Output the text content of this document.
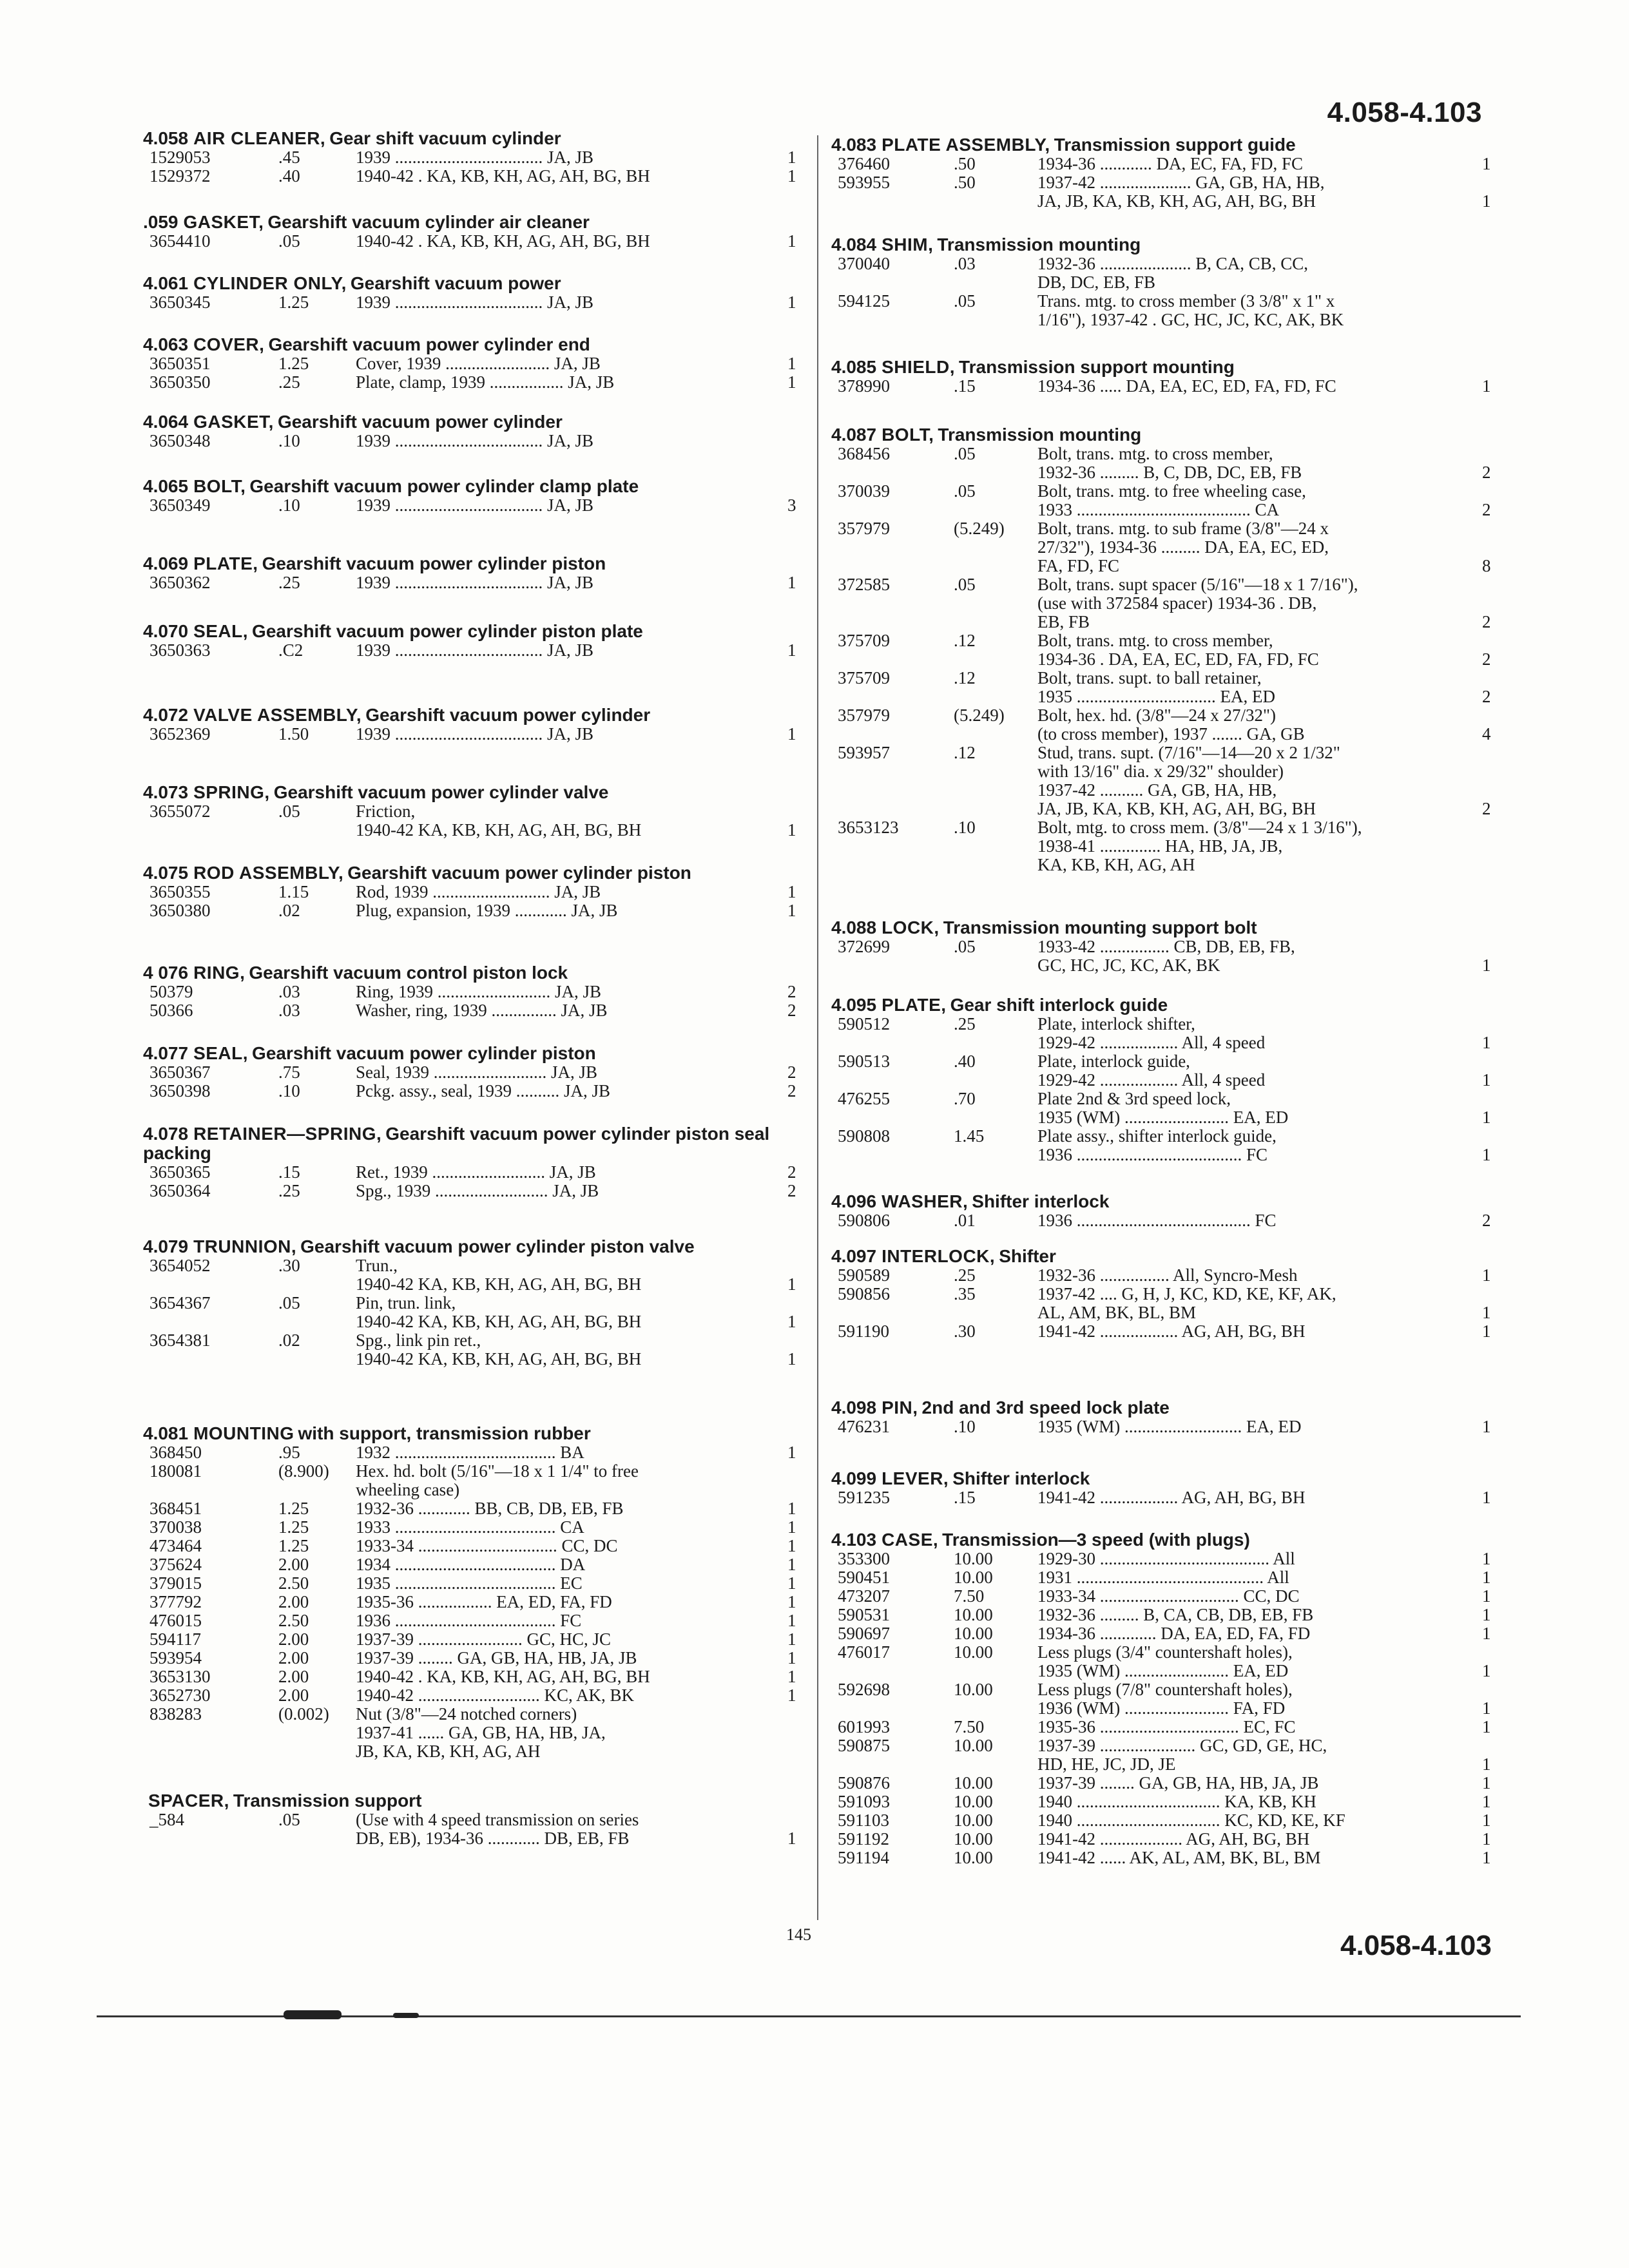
4.058-4.103
4.058 AIR CLEANER, Gear shift vacuum cylinder
1529053	.45	1939 .................................. JA, JB	1
1529372	.40	1940-42 . KA, KB, KH, AG, AH, BG, BH	1
.059 GASKET, Gearshift vacuum cylinder air cleaner
3654410	.05	1940-42 . KA, KB, KH, AG, AH, BG, BH	1
4.061 CYLINDER ONLY, Gearshift vacuum power
3650345	1.25	1939 .................................. JA, JB	1
4.063 COVER, Gearshift vacuum power cylinder end
3650351	1.25	Cover, 1939 ........................ JA, JB	1
3650350	.25	Plate, clamp, 1939 ................. JA, JB	1
4.064 GASKET, Gearshift vacuum power cylinder
3650348	.10	1939 .................................. JA, JB
4.065 BOLT, Gearshift vacuum power cylinder clamp plate
3650349	.10	1939 .................................. JA, JB	3
4.069 PLATE, Gearshift vacuum power cylinder piston
3650362	.25	1939 .................................. JA, JB	1
4.070 SEAL, Gearshift vacuum power cylinder piston plate
3650363	.C2	1939 .................................. JA, JB	1
4.072 VALVE ASSEMBLY, Gearshift vacuum power cylinder
3652369	1.50	1939 .................................. JA, JB	1
4.073 SPRING, Gearshift vacuum power cylinder valve
3655072	.05	Friction,
1940-42 KA, KB, KH, AG, AH, BG, BH	1
4.075 ROD ASSEMBLY, Gearshift vacuum power cylinder piston
3650355	1.15	Rod, 1939 ........................... JA, JB	1
3650380	.02	Plug, expansion, 1939 ............ JA, JB	1
4 076 RING, Gearshift vacuum control piston lock
50379	.03	Ring, 1939 .......................... JA, JB	2
50366	.03	Washer, ring, 1939 ............... JA, JB	2
4.077 SEAL, Gearshift vacuum power cylinder piston
3650367	.75	Seal, 1939 .......................... JA, JB	2
3650398	.10	Pckg. assy., seal, 1939 .......... JA, JB	2
4.078 RETAINER—SPRING, Gearshift vacuum power cylinder piston seal packing
3650365	.15	Ret., 1939 .......................... JA, JB	2
3650364	.25	Spg., 1939 .......................... JA, JB	2
4.079 TRUNNION, Gearshift vacuum power cylinder piston valve
3654052	.30	Trun.,
1940-42 KA, KB, KH, AG, AH, BG, BH	1
3654367	.05	Pin, trun. link,
1940-42 KA, KB, KH, AG, AH, BG, BH	1
3654381	.02	Spg., link pin ret.,
1940-42 KA, KB, KH, AG, AH, BG, BH	1
4.081 MOUNTING with support, transmission rubber
368450	.95	1932 ..................................... BA	1
180081	(8.900)	Hex. hd. bolt (5/16"—18 x 1 1/4" to free
wheeling case)
368451	1.25	1932-36 ............ BB, CB, DB, EB, FB	1
370038	1.25	1933 ..................................... CA	1
473464	1.25	1933-34 ................................ CC, DC	1
375624	2.00	1934 ..................................... DA	1
379015	2.50	1935 ..................................... EC	1
377792	2.00	1935-36 ................. EA, ED, FA, FD	1
476015	2.50	1936 ..................................... FC	1
594117	2.00	1937-39 ........................ GC, HC, JC	1
593954	2.00	1937-39 ........ GA, GB, HA, HB, JA, JB	1
3653130	2.00	1940-42 . KA, KB, KH, AG, AH, BG, BH	1
3652730	2.00	1940-42 ............................ KC, AK, BK	1
838283	(0.002)	Nut (3/8"—24 notched corners)
1937-41 ...... GA, GB, HA, HB, JA,
JB, KA, KB, KH, AG, AH
SPACER, Transmission support
_584	.05	(Use with 4 speed transmission on series
DB, EB), 1934-36 ............ DB, EB, FB	1
4.083 PLATE ASSEMBLY, Transmission support guide
376460	.50	1934-36 ............ DA, EC, FA, FD, FC	1
593955	.50	1937-42 ..................... GA, GB, HA, HB,
JA, JB, KA, KB, KH, AG, AH, BG, BH	1
4.084 SHIM, Transmission mounting
370040	.03	1932-36 ..................... B, CA, CB, CC,
DB, DC, EB, FB
594125	.05	Trans. mtg. to cross member (3 3/8" x 1" x
1/16"), 1937-42 . GC, HC, JC, KC, AK, BK
4.085 SHIELD, Transmission support mounting
378990	.15	1934-36 ..... DA, EA, EC, ED, FA, FD, FC	1
4.087 BOLT, Transmission mounting
368456	.05	Bolt, trans. mtg. to cross member,
1932-36 ......... B, C, DB, DC, EB, FB	2
370039	.05	Bolt, trans. mtg. to free wheeling case,
1933 ........................................ CA	2
357979	(5.249)	Bolt, trans. mtg. to sub frame (3/8"—24 x
27/32"), 1934-36 ......... DA, EA, EC, ED,
FA, FD, FC	8
372585	.05	Bolt, trans. supt spacer (5/16"—18 x 1 7/16"),
(use with 372584 spacer) 1934-36 . DB,
EB, FB	2
375709	.12	Bolt, trans. mtg. to cross member,
1934-36 . DA, EA, EC, ED, FA, FD, FC	2
375709	.12	Bolt, trans. supt. to ball retainer,
1935 ................................ EA, ED	2
357979	(5.249)	Bolt, hex. hd. (3/8"—24 x 27/32")
(to cross member), 1937 ....... GA, GB	4
593957	.12	Stud, trans. supt. (7/16"—14—20 x 2 1/32"
with 13/16" dia. x 29/32" shoulder)
1937-42 .......... GA, GB, HA, HB,
JA, JB, KA, KB, KH, AG, AH, BG, BH	2
3653123	.10	Bolt, mtg. to cross mem. (3/8"—24 x 1 3/16"),
1938-41 .............. HA, HB, JA, JB,
KA, KB, KH, AG, AH
4.088 LOCK, Transmission mounting support bolt
372699	.05	1933-42 ................ CB, DB, EB, FB,
GC, HC, JC, KC, AK, BK	1
4.095 PLATE, Gear shift interlock guide
590512	.25	Plate, interlock shifter,
1929-42 .................. All, 4 speed	1
590513	.40	Plate, interlock guide,
1929-42 .................. All, 4 speed	1
476255	.70	Plate 2nd & 3rd speed lock,
1935 (WM) ........................ EA, ED	1
590808	1.45	Plate assy., shifter interlock guide,
1936 ...................................... FC	1
4.096 WASHER, Shifter interlock
590806	.01	1936 ........................................ FC	2
4.097 INTERLOCK, Shifter
590589	.25	1932-36 ................ All, Syncro-Mesh	1
590856	.35	1937-42 .... G, H, J, KC, KD, KE, KF, AK,
AL, AM, BK, BL, BM	1
591190	.30	1941-42 .................. AG, AH, BG, BH	1
4.098 PIN, 2nd and 3rd speed lock plate
476231	.10	1935 (WM) ........................... EA, ED	1
4.099 LEVER, Shifter interlock
591235	.15	1941-42 .................. AG, AH, BG, BH	1
4.103 CASE, Transmission—3 speed (with plugs)
353300	10.00	1929-30 ....................................... All	1
590451	10.00	1931 ........................................... All	1
473207	7.50	1933-34 ................................ CC, DC	1
590531	10.00	1932-36 ......... B, CA, CB, DB, EB, FB	1
590697	10.00	1934-36 ............. DA, EA, ED, FA, FD	1
476017	10.00	Less plugs (3/4" countershaft holes),
1935 (WM) ........................ EA, ED	1
592698	10.00	Less plugs (7/8" countershaft holes),
1936 (WM) ........................ FA, FD	1
601993	7.50	1935-36 ................................ EC, FC	1
590875	10.00	1937-39 ...................... GC, GD, GE, HC,
HD, HE, JC, JD, JE	1
590876	10.00	1937-39 ........ GA, GB, HA, HB, JA, JB	1
591093	10.00	1940 ................................. KA, KB, KH	1
591103	10.00	1940 ................................. KC, KD, KE, KF	1
591192	10.00	1941-42 ................... AG, AH, BG, BH	1
591194	10.00	1941-42 ...... AK, AL, AM, BK, BL, BM	1
145	4.058-4.103
